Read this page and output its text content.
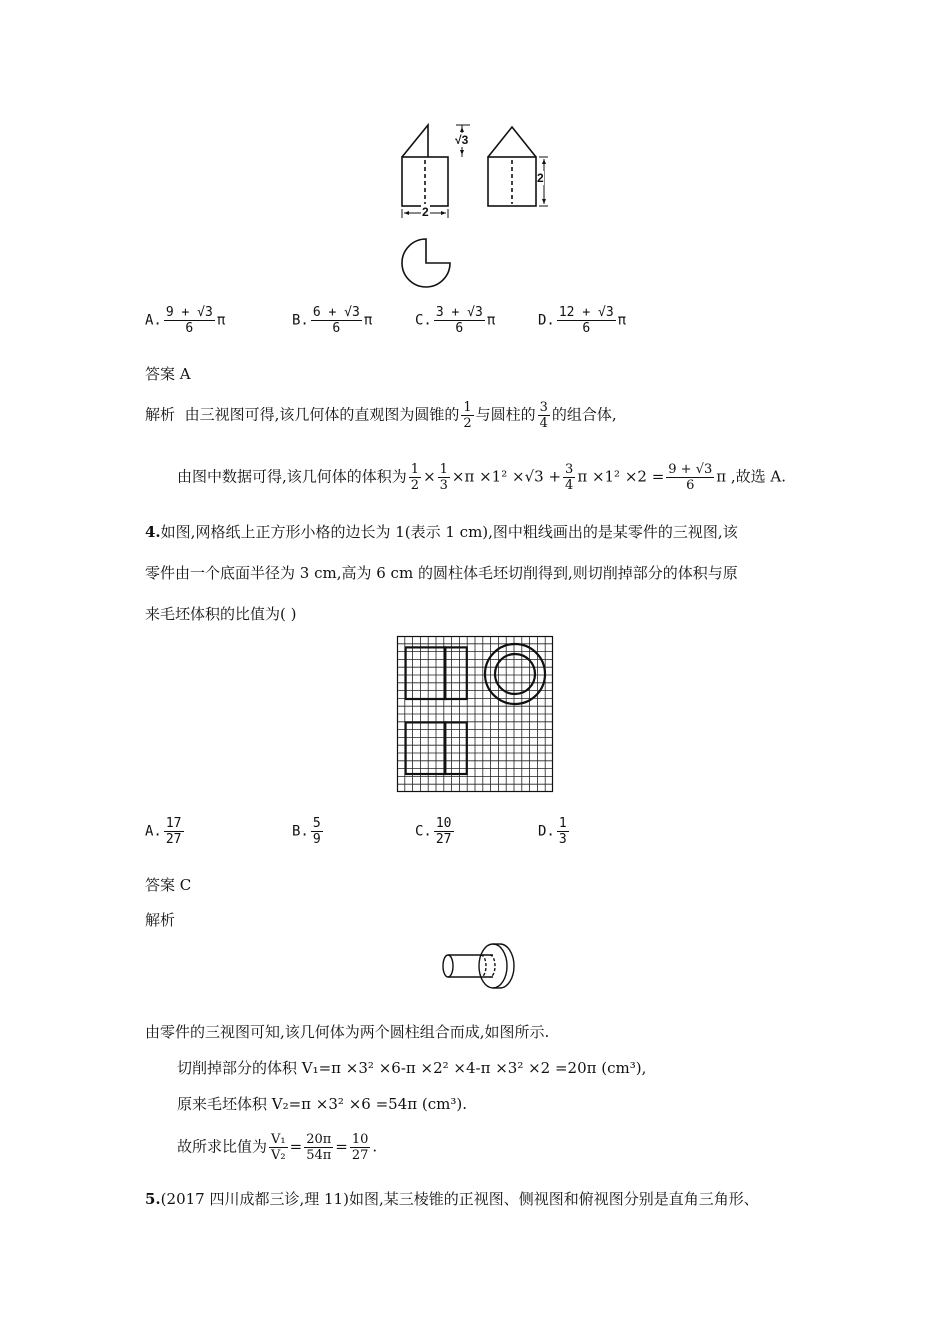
√3
2
2
A. $\frac{9 + √3}{6}$ π	B. $\frac{6 + √3}{6}$ π	C. $\frac{3 + √3}{6}$ π	D. $\frac{12 + √3}{6}$ π
答案 A
解析 由三视图可得,该几何体的直观图为圆锥的 $\frac{1}{2}$ 与圆柱的 $\frac{3}{4}$ 的组合体,
由图中数据可得,该几何体的体积为 $\frac{1}{2} \times \frac{1}{3} \times\pi \times 1^2 \times√3 + \frac{3}{4}$ $\pi \times 1^2 \times 2 = \frac{9 + √3}{6}$ π ,故选 A.
4.如图,网格纸上正方形小格的边长为 1(表示 1 cm),图中粗线画出的是某零件的三视图,该
零件由一个底面半径为 3 cm,高为 6 cm 的圆柱体毛坯切削得到,则切削掉部分的体积与原
来毛坯体积的比值为( )
A. $\frac{17}{27}$	B. $\frac{5}{9}$	C. $\frac{10}{27}$	D. $\frac{1}{3}$
答案 C
解析
由零件的三视图可知,该几何体为两个圆柱组合而成,如图所示.
切削掉部分的体积 V₁=π ×3² ×6-π ×2² ×4-π ×3² ×2 =20π (cm³),
原来毛坯体积 V₂=π ×3² ×6 =54π (cm³).
故所求比值为 $\frac{\text{V₁}}{\text{V₂}} = \frac{20\pi}{54\pi} = \frac{10}{27}$ .
5.(2017 四川成都三诊,理 11)如图,某三棱锥的正视图、侧视图和俯视图分别是直角三角形、
